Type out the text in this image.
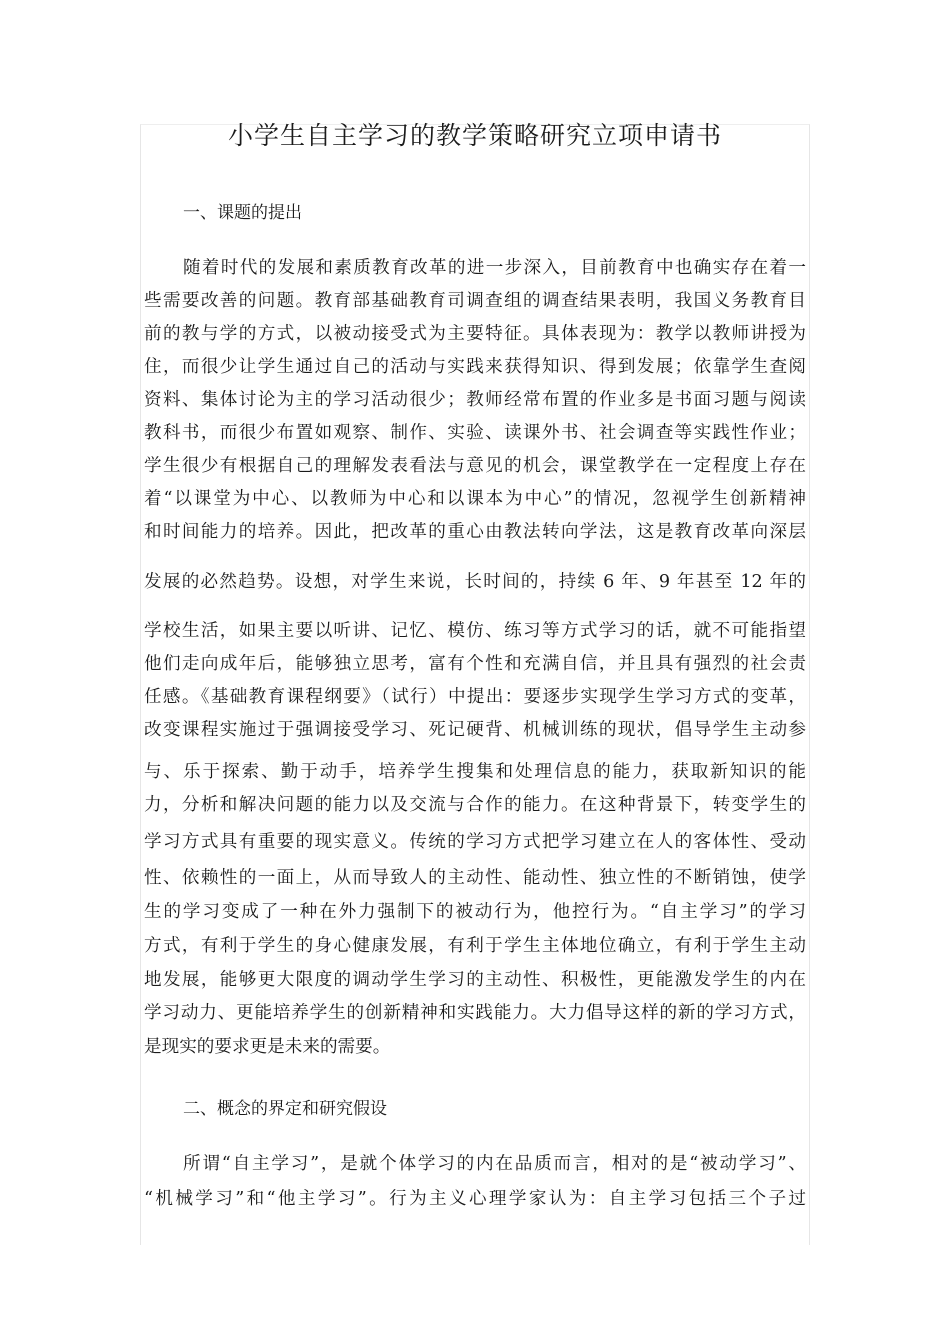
小学生自主学习的教学策略研究立项申请书
一、课题的提出
随着时代的发展和素质教育改革的进一步深入，目前教育中也确实存在着一
些需要改善的问题。教育部基础教育司调查组的调查结果表明，我国义务教育目
前的教与学的方式，以被动接受式为主要特征。具体表现为：教学以教师讲授为
住，而很少让学生通过自己的活动与实践来获得知识、得到发展；依靠学生查阅
资料、集体讨论为主的学习活动很少；教师经常布置的作业多是书面习题与阅读
教科书，而很少布置如观察、制作、实验、读课外书、社会调查等实践性作业；
学生很少有根据自己的理解发表看法与意见的机会，课堂教学在一定程度上存在
着“以课堂为中心、以教师为中心和以课本为中心”的情况，忽视学生创新精神
和时间能力的培养。因此，把改革的重心由教法转向学法，这是教育改革向深层
发展的必然趋势。设想，对学生来说，长时间的，持续 6 年、9 年甚至 12 年的
学校生活，如果主要以听讲、记忆、模仿、练习等方式学习的话，就不可能指望
他们走向成年后，能够独立思考，富有个性和充满自信，并且具有强烈的社会责
任感。《基础教育课程纲要》（试行）中提出：要逐步实现学生学习方式的变革，
改变课程实施过于强调接受学习、死记硬背、机械训练的现状，倡导学生主动参
与、乐于探索、勤于动手，培养学生搜集和处理信息的能力，获取新知识的能
力，分析和解决问题的能力以及交流与合作的能力。在这种背景下，转变学生的
学习方式具有重要的现实意义。传统的学习方式把学习建立在人的客体性、受动
性、依赖性的一面上，从而导致人的主动性、能动性、独立性的不断销蚀，使学
生的学习变成了一种在外力强制下的被动行为，他控行为。“自主学习”的学习
方式，有利于学生的身心健康发展，有利于学生主体地位确立，有利于学生主动
地发展，能够更大限度的调动学生学习的主动性、积极性，更能激发学生的内在
学习动力、更能培养学生的创新精神和实践能力。大力倡导这样的新的学习方式，
是现实的要求更是未来的需要。
二、概念的界定和研究假设
所谓“自主学习”，是就个体学习的内在品质而言，相对的是“被动学习”、
“机械学习”和“他主学习”。行为主义心理学家认为：自主学习包括三个子过
